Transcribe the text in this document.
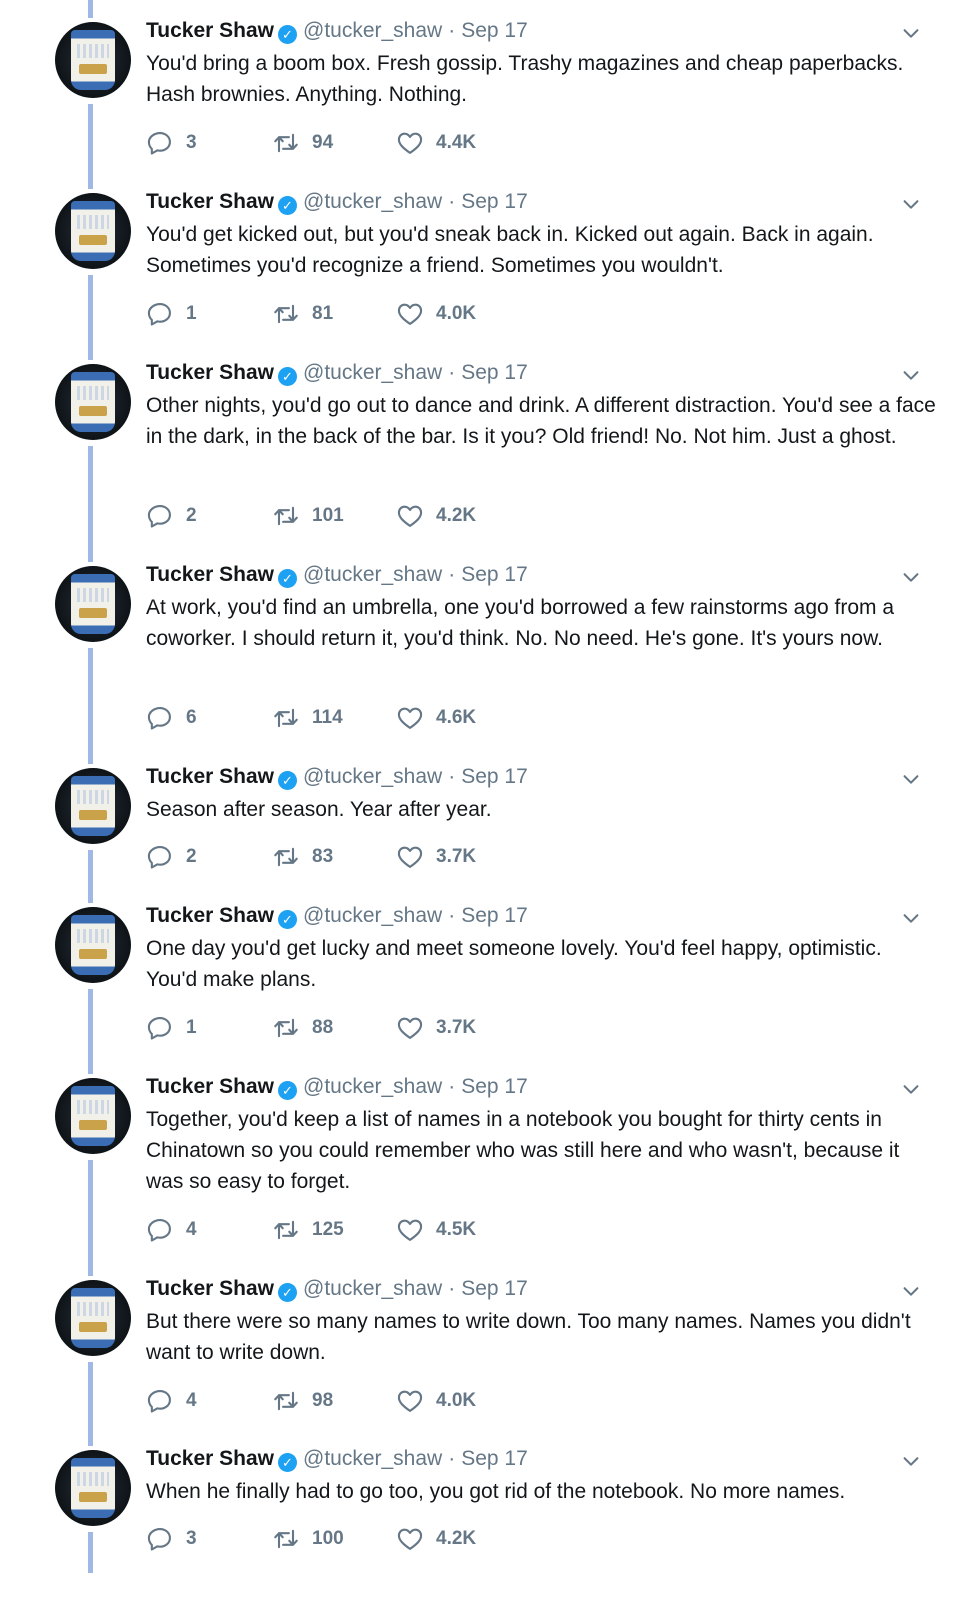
Tucker Shaw ✓ @tucker_shaw · Sep 17

You'd bring a boom box. Fresh gossip. Trashy magazines and cheap paperbacks. Hash brownies. Anything. Nothing.

3	94	4.4K
Tucker Shaw ✓ @tucker_shaw · Sep 17

You'd get kicked out, but you'd sneak back in. Kicked out again. Back in again. Sometimes you'd recognize a friend. Sometimes you wouldn't.

1	81	4.0K
Tucker Shaw ✓ @tucker_shaw · Sep 17

Other nights, you'd go out to dance and drink. A different distraction. You'd see a face in the dark, in the back of the bar. Is it you? Old friend! No. Not him. Just a ghost.

2	101	4.2K
Tucker Shaw ✓ @tucker_shaw · Sep 17

At work, you'd find an umbrella, one you'd borrowed a few rainstorms ago from a coworker. I should return it, you'd think. No. No need. He's gone. It's yours now.

6	114	4.6K
Tucker Shaw ✓ @tucker_shaw · Sep 17

Season after season. Year after year.

2	83	3.7K
Tucker Shaw ✓ @tucker_shaw · Sep 17

One day you'd get lucky and meet someone lovely. You'd feel happy, optimistic. You'd make plans.

1	88	3.7K
Tucker Shaw ✓ @tucker_shaw · Sep 17

Together, you'd keep a list of names in a notebook you bought for thirty cents in Chinatown so you could remember who was still here and who wasn't, because it was so easy to forget.

4	125	4.5K
Tucker Shaw ✓ @tucker_shaw · Sep 17

But there were so many names to write down. Too many names. Names you didn't want to write down.

4	98	4.0K
Tucker Shaw ✓ @tucker_shaw · Sep 17

When he finally had to go too, you got rid of the notebook. No more names.

3	100	4.2K
